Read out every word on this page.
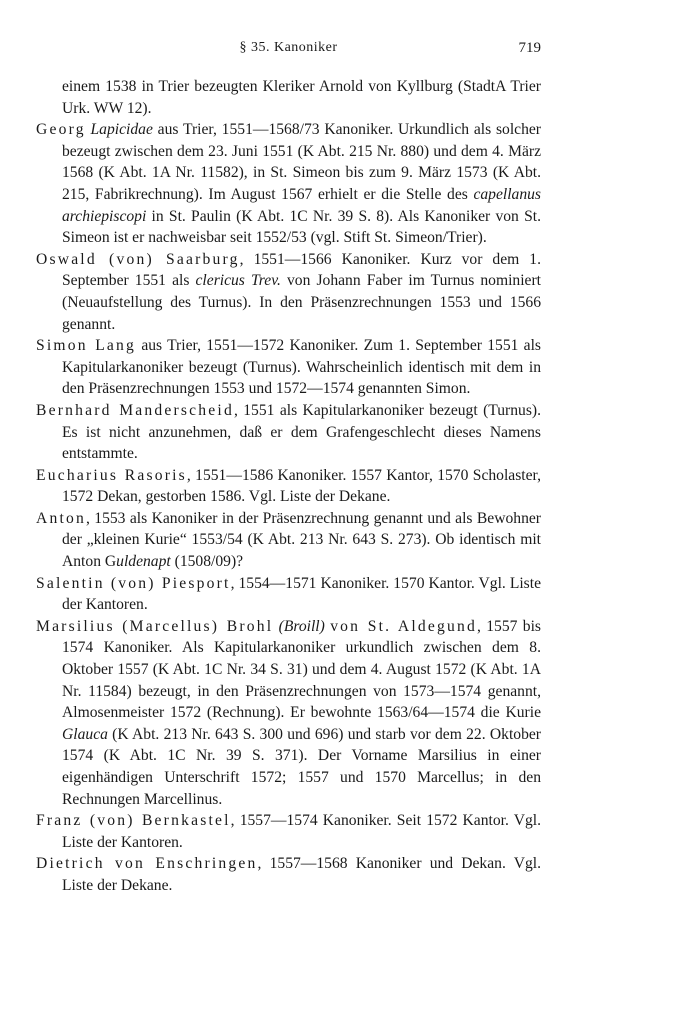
§ 35. Kanoniker	719

einem 1538 in Trier bezeugten Kleriker Arnold von Kyllburg (StadtA Trier Urk. WW 12).

Georg Lapicidae aus Trier, 1551—1568/73 Kanoniker. Urkundlich als solcher bezeugt zwischen dem 23. Juni 1551 (K Abt. 215 Nr. 880) und dem 4. März 1568 (K Abt. 1A Nr. 11582), in St. Simeon bis zum 9. März 1573 (K Abt. 215, Fabrikrechnung). Im August 1567 erhielt er die Stelle des capellanus archiepiscopi in St. Paulin (K Abt. 1C Nr. 39 S. 8). Als Kanoniker von St. Simeon ist er nachweisbar seit 1552/53 (vgl. Stift St. Simeon/Trier).

Oswald (von) Saarburg, 1551—1566 Kanoniker. Kurz vor dem 1. September 1551 als clericus Trev. von Johann Faber im Turnus nominiert (Neuaufstellung des Turnus). In den Präsenzrechnungen 1553 und 1566 genannt.

Simon Lang aus Trier, 1551—1572 Kanoniker. Zum 1. September 1551 als Kapitularkanoniker bezeugt (Turnus). Wahrscheinlich identisch mit dem in den Präsenzrechnungen 1553 und 1572—1574 genannten Simon.

Bernhard Manderscheid, 1551 als Kapitularkanoniker bezeugt (Turnus). Es ist nicht anzunehmen, daß er dem Grafengeschlecht dieses Namens entstammte.

Eucharius Rasoris, 1551—1586 Kanoniker. 1557 Kantor, 1570 Scholaster, 1572 Dekan, gestorben 1586. Vgl. Liste der Dekane.

Anton, 1553 als Kanoniker in der Präsenzrechnung genannt und als Bewohner der „kleinen Kurie“ 1553/54 (K Abt. 213 Nr. 643 S. 273). Ob identisch mit Anton Guldenapt (1508/09)?

Salentin (von) Piesport, 1554—1571 Kanoniker. 1570 Kantor. Vgl. Liste der Kantoren.

Marsilius (Marcellus) Brohl (Broill) von St. Aldegund, 1557 bis 1574 Kanoniker. Als Kapitularkanoniker urkundlich zwischen dem 8. Oktober 1557 (K Abt. 1C Nr. 34 S. 31) und dem 4. August 1572 (K Abt. 1A Nr. 11584) bezeugt, in den Präsenzrechnungen von 1573—1574 genannt, Almosenmeister 1572 (Rechnung). Er bewohnte 1563/64—1574 die Kurie Glauca (K Abt. 213 Nr. 643 S. 300 und 696) und starb vor dem 22. Oktober 1574 (K Abt. 1C Nr. 39 S. 371). Der Vorname Marsilius in einer eigenhändigen Unterschrift 1572; 1557 und 1570 Marcellus; in den Rechnungen Marcellinus.

Franz (von) Bernkastel, 1557—1574 Kanoniker. Seit 1572 Kantor. Vgl. Liste der Kantoren.

Dietrich von Enschringen, 1557—1568 Kanoniker und Dekan. Vgl. Liste der Dekane.
